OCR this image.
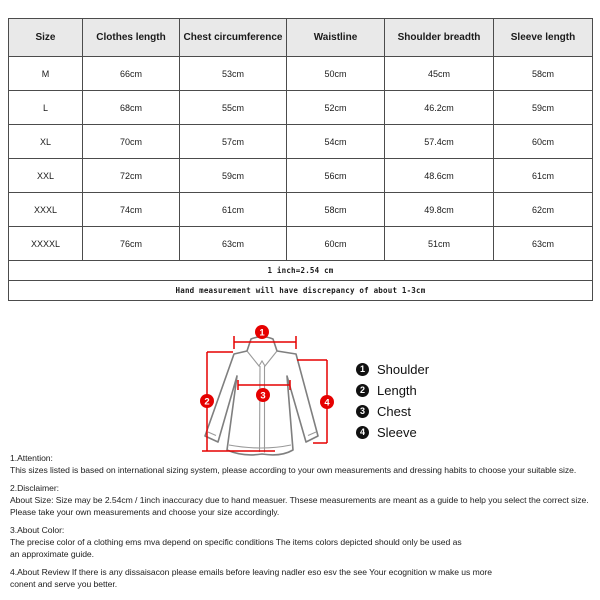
Size	Clothes length	Chest circumference	Waistline	Shoulder breadth	Sleeve length
M	66cm	53cm	50cm	45cm	58cm
L	68cm	55cm	52cm	46.2cm	59cm
XL	70cm	57cm	54cm	57.4cm	60cm
XXL	72cm	59cm	56cm	48.6cm	61cm
XXXL	74cm	61cm	58cm	49.8cm	62cm
XXXXL	76cm	63cm	60cm	51cm	63cm
1 inch=2.54 cm					
Hand measurement will have discrepancy of about 1-3cm					
1
2
3
4
1 Shoulder
2 Length
3 Chest
4 Sleeve
1.Attention:
This sizes listed is based on international sizing system, please according to your own measurements and dressing habits to choose your suitable size.
2.Disclaimer:
About Size: Size may be 2.54cm / 1inch inaccuracy due to hand measuer. Thsese measurements are meant as a guide to help you select the correct size.
Please take your own measurements and choose your size accordingly.
3.About Color:
The precise color of a clothing ems mva depend on specific conditions The items colors depicted should only be used as
an approximate guide.
4.About Review If there is any dissaisacon please emails before leaving nadler eso esv the see Your ecognition w make us more
conent and serve you better.
